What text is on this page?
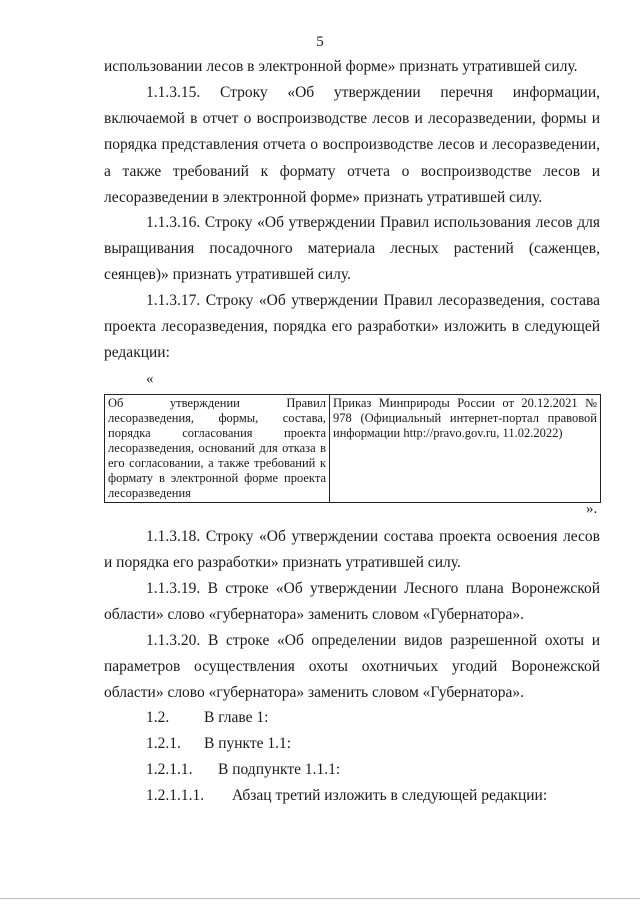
5

использовании лесов в электронной форме» признать утратившей силу.

1.1.3.15. Строку «Об утверждении перечня информации, включаемой в отчет о воспроизводстве лесов и лесоразведении, формы и порядка представления отчета о воспроизводстве лесов и лесоразведении, а также требований к формату отчета о воспроизводстве лесов и лесоразведении в электронной форме» признать утратившей силу.

1.1.3.16. Строку «Об утверждении Правил использования лесов для выращивания посадочного материала лесных растений (саженцев, сеянцев)» признать утратившей силу.

1.1.3.17. Строку «Об утверждении Правил лесоразведения, состава проекта лесоразведения, порядка его разработки» изложить в следующей редакции:

«
Об утверждении Правил лесоразведения, формы, состава, порядка согласования проекта лесоразведения, оснований для отказа в его согласовании, а также требований к формату в электронной форме проекта лесоразведения	Приказ Минприроды России от 20.12.2021 № 978 (Официальный интернет-портал правовой информации http://pravo.gov.ru, 11.02.2022)
».

1.1.3.18. Строку «Об утверждении состава проекта освоения лесов и порядка его разработки» признать утратившей силу.

1.1.3.19. В строке «Об утверждении Лесного плана Воронежской области» слово «губернатора» заменить словом «Губернатора».

1.1.3.20. В строке «Об определении видов разрешенной охоты и параметров осуществления охоты охотничьих угодий Воронежской области» слово «губернатора» заменить словом «Губернатора».

1.2. В главе 1:
1.2.1. В пункте 1.1:
1.2.1.1. В подпункте 1.1.1:
1.2.1.1.1. Абзац третий изложить в следующей редакции:
